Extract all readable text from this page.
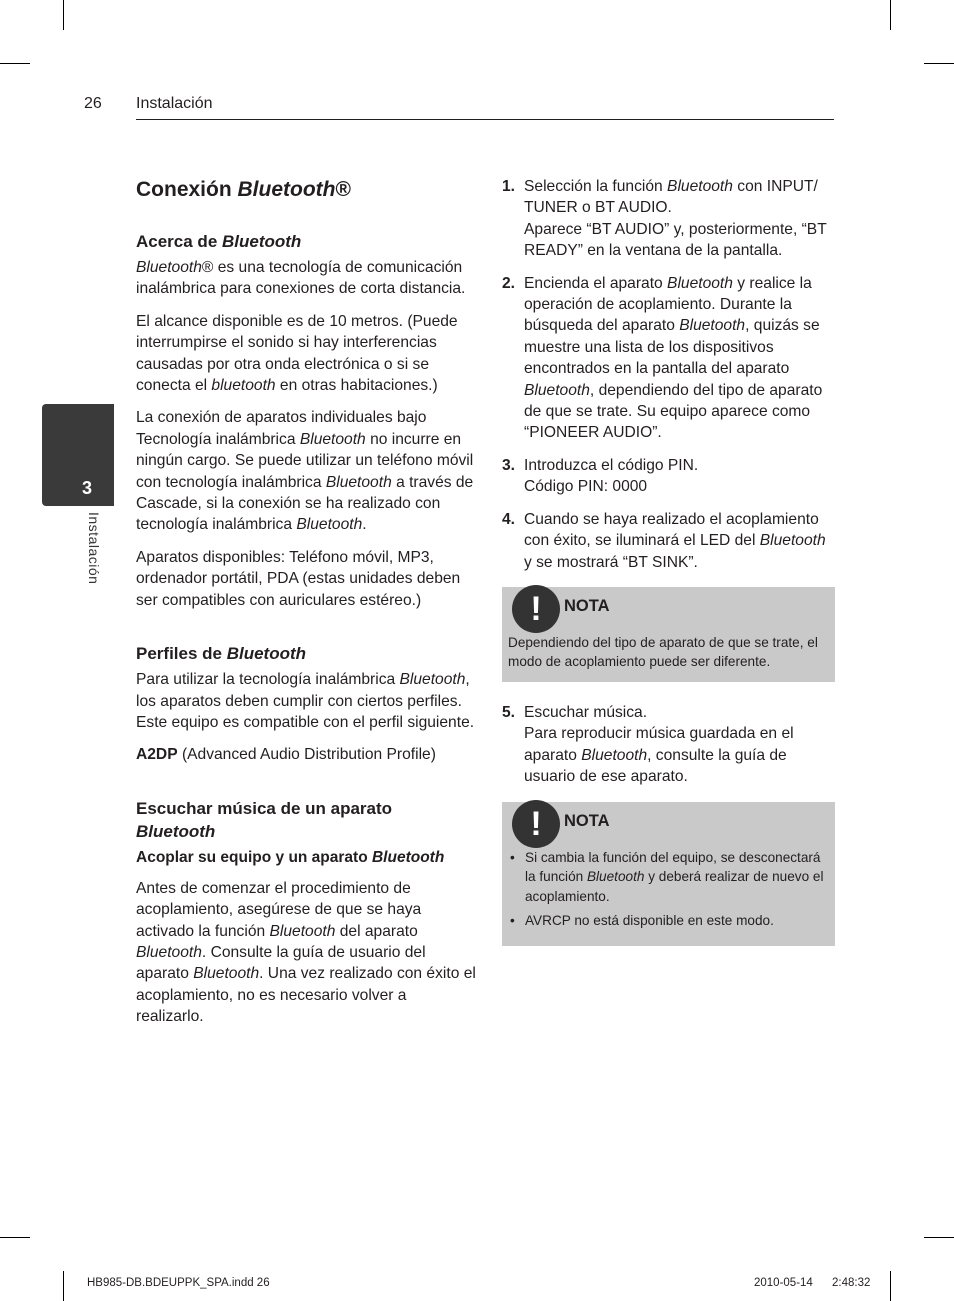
26 Instalación
3
Instalación
Conexión Bluetooth®
Acerca de Bluetooth

Bluetooth® es una tecnología de comunicación inalámbrica para conexiones de corta distancia.

El alcance disponible es de 10 metros. (Puede interrumpirse el sonido si hay interferencias causadas por otra onda electrónica o si se conecta el bluetooth en otras habitaciones.)

La conexión de aparatos individuales bajo Tecnología inalámbrica Bluetooth no incurre en ningún cargo. Se puede utilizar un teléfono móvil con tecnología inalámbrica Bluetooth a través de Cascade, si la conexión se ha realizado con tecnología inalámbrica Bluetooth.

Aparatos disponibles: Teléfono móvil, MP3, ordenador portátil, PDA (estas unidades deben ser compatibles con auriculares estéreo.)

Perfiles de Bluetooth

Para utilizar la tecnología inalámbrica Bluetooth, los aparatos deben cumplir con ciertos perfiles. Este equipo es compatible con el perfil siguiente.

A2DP (Advanced Audio Distribution Profile)

Escuchar música de un aparato Bluetooth
Acoplar su equipo y un aparato Bluetooth

Antes de comenzar el procedimiento de acoplamiento, asegúrese de que se haya activado la función Bluetooth del aparato Bluetooth. Consulte la guía de usuario del aparato Bluetooth. Una vez realizado con éxito el acoplamiento, no es necesario volver a realizarlo.

1. Selección la función Bluetooth con INPUT/ TUNER o BT AUDIO.
Aparece “BT AUDIO” y, posteriormente, “BT READY” en la ventana de la pantalla.
2. Encienda el aparato Bluetooth y realice la operación de acoplamiento. Durante la búsqueda del aparato Bluetooth, quizás se muestre una lista de los dispositivos encontrados en la pantalla del aparato Bluetooth, dependiendo del tipo de aparato de que se trate. Su equipo aparece como “PIONEER AUDIO”.
3. Introduzca el código PIN.
Código PIN: 0000
4. Cuando se haya realizado el acoplamiento con éxito, se iluminará el LED del Bluetooth y se mostrará “BT SINK”.
!	NOTA
Dependiendo del tipo de aparato de que se trate, el modo de acoplamiento puede ser diferente.
5. Escuchar música.
Para reproducir música guardada en el aparato Bluetooth, consulte la guía de usuario de ese aparato.
!	NOTA
• Si cambia la función del equipo, se desconectará la función Bluetooth y deberá realizar de nuevo el acoplamiento.
• AVRCP no está disponible en este modo.
HB985-DB.BDEUPPK_SPA.indd 26	2010-05-14 2:48:32
